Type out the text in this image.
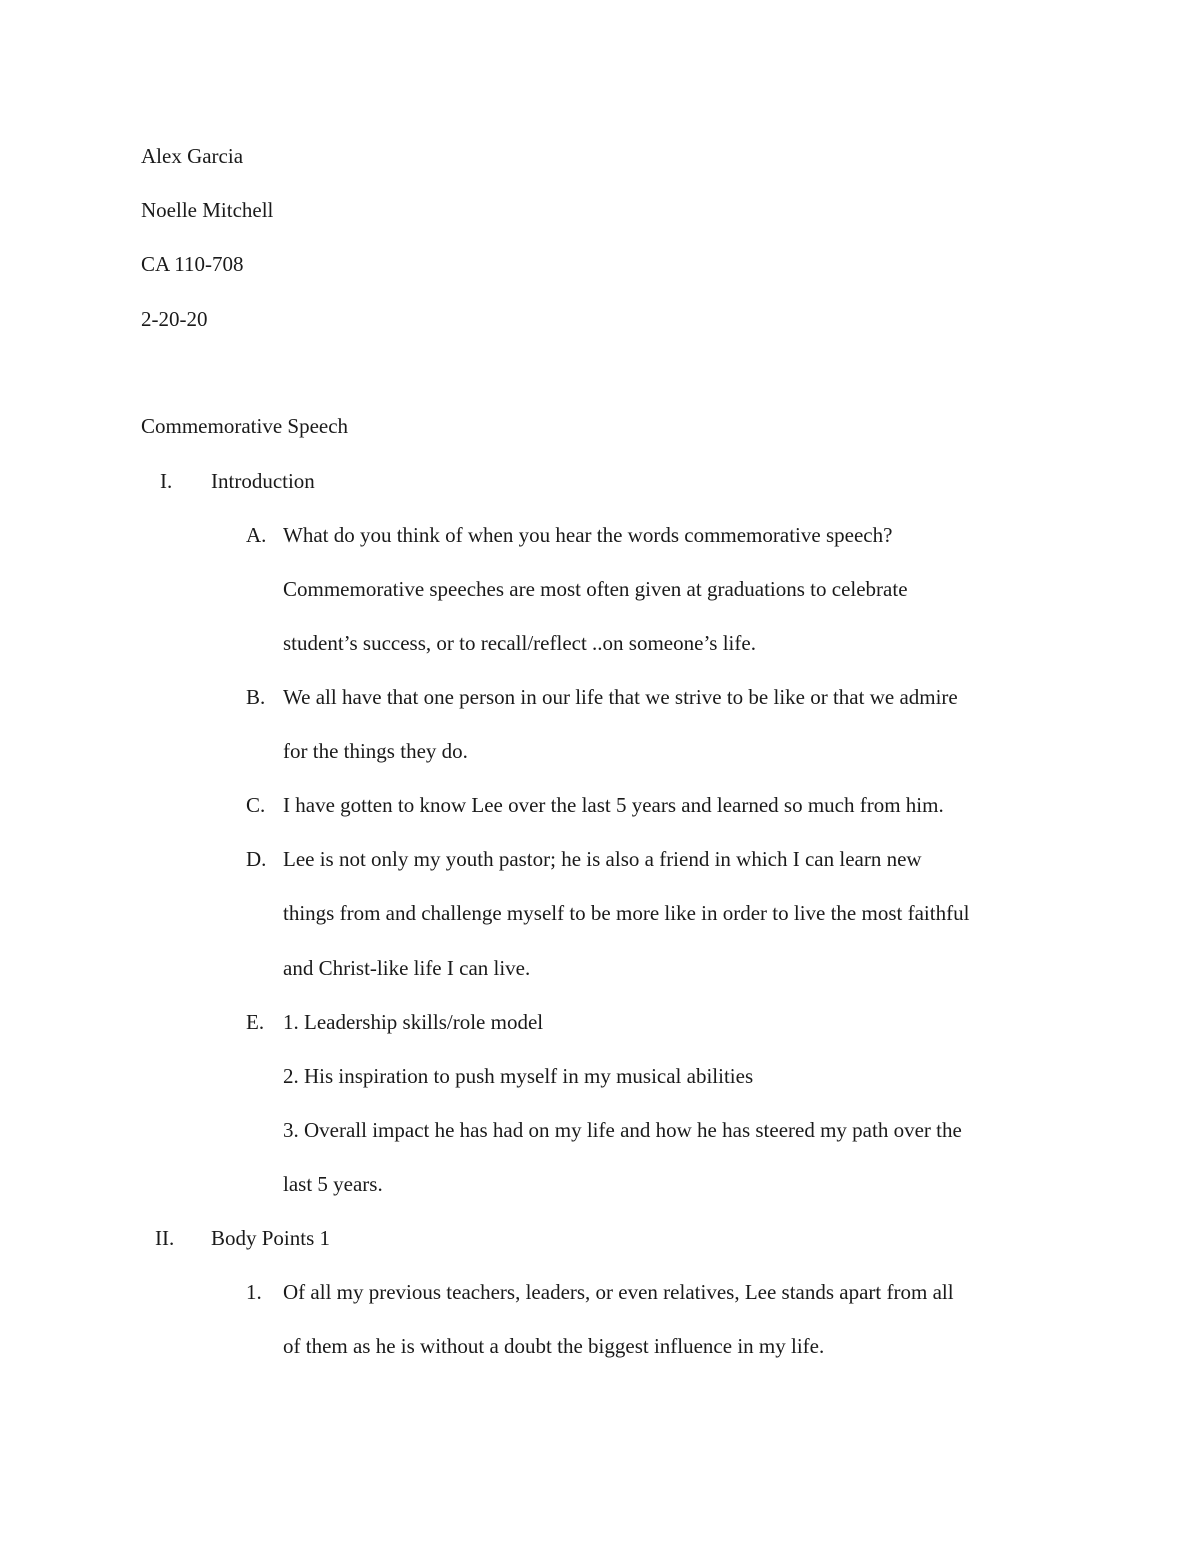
Alex Garcia
Noelle Mitchell
CA 110-708
2-20-20
Commemorative Speech
I. Introduction
A. What do you think of when you hear the words commemorative speech?
Commemorative speeches are most often given at graduations to celebrate
student’s success, or to recall/reflect ..on someone’s life.
B. We all have that one person in our life that we strive to be like or that we admire
for the things they do.
C. I have gotten to know Lee over the last 5 years and learned so much from him.
D. Lee is not only my youth pastor; he is also a friend in which I can learn new
things from and challenge myself to be more like in order to live the most faithful
and Christ-like life I can live.
E. 1. Leadership skills/role model
2. His inspiration to push myself in my musical abilities
3. Overall impact he has had on my life and how he has steered my path over the
last 5 years.
II. Body Points 1
1. Of all my previous teachers, leaders, or even relatives, Lee stands apart from all
of them as he is without a doubt the biggest influence in my life.
